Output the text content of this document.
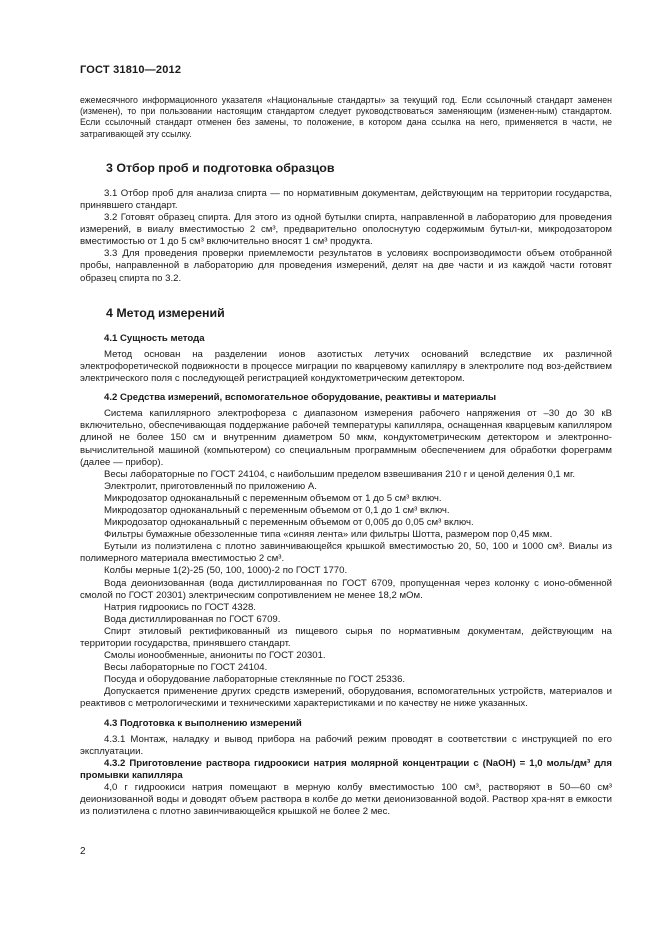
ГОСТ 31810—2012

ежемесячного информационного указателя «Национальные стандарты» за текущий год. Если ссылочный стандарт заменен (изменен), то при пользовании настоящим стандартом следует руководствоваться заменяющим (изменен-ным) стандартом. Если ссылочный стандарт отменен без замены, то положение, в котором дана ссылка на него, применяется в части, не затрагивающей эту ссылку.

3 Отбор проб и подготовка образцов

3.1 Отбор проб для анализа спирта — по нормативным документам, действующим на территории государства, принявшего стандарт.

3.2 Готовят образец спирта. Для этого из одной бутылки спирта, направленной в лабораторию для проведения измерений, в виалу вместимостью 2 см³, предварительно ополоснутую содержимым бутыл-ки, микродозатором вместимостью от 1 до 5 см³ включительно вносят 1 см³ продукта.

3.3 Для проведения проверки приемлемости результатов в условиях воспроизводимости объем отобранной пробы, направленной в лабораторию для проведения измерений, делят на две части и из каждой части готовят образец спирта по 3.2.

4 Метод измерений
4.1 Сущность метода

Метод основан на разделении ионов азотистых летучих оснований вследствие их различной электрофоретической подвижности в процессе миграции по кварцевому капилляру в электролите под воз-действием электрического поля с последующей регистрацией кондуктометрическим детектором.

4.2 Средства измерений, вспомогательное оборудование, реактивы и материалы

Система капиллярного электрофореза с диапазоном измерения рабочего напряжения от –30 до 30 кВ включительно, обеспечивающая поддержание рабочей температуры капилляра, оснащенная кварцевым капилляром длиной не более 150 см и внутренним диаметром 50 мкм, кондуктометрическим детектором и электронно-вычислительной машиной (компьютером) со специальным программным обеспечением для обработки фореграмм (далее — прибор).

Весы лабораторные по ГОСТ 24104, с наибольшим пределом взвешивания 210 г и ценой деления 0,1 мг.

Электролит, приготовленный по приложению А.

Микродозатор одноканальный с переменным объемом от 1 до 5 см³ включ.

Микродозатор одноканальный с переменным объемом от 0,1 до 1 см³ включ.

Микродозатор одноканальный с переменным объемом от 0,005 до 0,05 см³ включ.

Фильтры бумажные обеззоленные типа «синяя лента» или фильтры Шотта, размером пор 0,45 мкм.

Бутыли из полиэтилена с плотно завинчивающейся крышкой вместимостью 20, 50, 100 и 1000 см³. Виалы из полимерного материала вместимостью 2 см³.

Колбы мерные 1(2)-25 (50, 100, 1000)-2 по ГОСТ 1770.

Вода деионизованная (вода дистиллированная по ГОСТ 6709, пропущенная через колонку с ионо-обменной смолой по ГОСТ 20301) электрическим сопротивлением не менее 18,2 мОм.

Натрия гидроокись по ГОСТ 4328.

Вода дистиллированная по ГОСТ 6709.

Спирт этиловый ректификованный из пищевого сырья по нормативным документам, действующим на территории государства, принявшего стандарт.

Смолы ионообменные, аниониты по ГОСТ 20301.

Весы лабораторные по ГОСТ 24104.

Посуда и оборудование лабораторные стеклянные по ГОСТ 25336.

Допускается применение других средств измерений, оборудования, вспомогательных устройств, материалов и реактивов с метрологическими и техническими характеристиками и по качеству не ниже указанных.

4.3 Подготовка к выполнению измерений

4.3.1 Монтаж, наладку и вывод прибора на рабочий режим проводят в соответствии с инструкцией по его эксплуатации.

4.3.2 Приготовление раствора гидроокиси натрия молярной концентрации с (NaOH) = 1,0 моль/дм³ для промывки капилляра

4,0 г гидроокиси натрия помещают в мерную колбу вместимостью 100 см³, растворяют в 50—60 см³ деионизованной воды и доводят объем раствора в колбе до метки деионизованной водой. Раствор хра-нят в емкости из полиэтилена с плотно завинчивающейся крышкой не более 2 мес.

2
